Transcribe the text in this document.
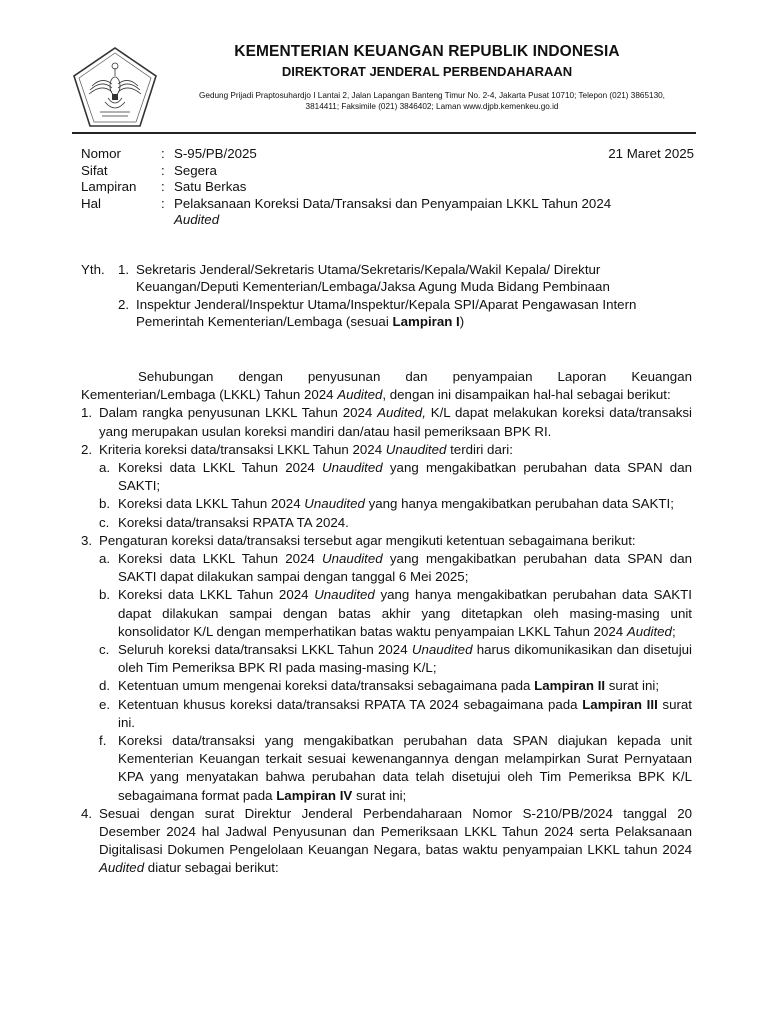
KEMENTERIAN KEUANGAN REPUBLIK INDONESIA
DIREKTORAT JENDERAL PERBENDAHARAAN
Gedung Prijadi Praptosuhardjo I Lantai 2, Jalan Lapangan Banteng Timur No. 2-4, Jakarta Pusat 10710; Telepon (021) 3865130,
3814411; Faksimile (021) 3846402; Laman www.djpb.kemenkeu.go.id
Nomor	: S-95/PB/2025
Sifat	: Segera
Lampiran	: Satu Berkas
Hal	: Pelaksanaan Koreksi Data/Transaksi dan Penyampaian LKKL Tahun 2024
Audited
21 Maret 2025
Yth. 1. Sekretaris Jenderal/Sekretaris Utama/Sekretaris/Kepala/Wakil Kepala/ Direktur Keuangan/Deputi Kementerian/Lembaga/Jaksa Agung Muda Bidang Pembinaan
2. Inspektur Jenderal/Inspektur Utama/Inspektur/Kepala SPI/Aparat Pengawasan Intern Pemerintah Kementerian/Lembaga (sesuai Lampiran I)

Sehubungan dengan penyusunan dan penyampaian Laporan Keuangan Kementerian/Lembaga (LKKL) Tahun 2024 Audited, dengan ini disampaikan hal-hal sebagai berikut:

1. Dalam rangka penyusunan LKKL Tahun 2024 Audited, K/L dapat melakukan koreksi data/transaksi yang merupakan usulan koreksi mandiri dan/atau hasil pemeriksaan BPK RI.

2. Kriteria koreksi data/transaksi LKKL Tahun 2024 Unaudited terdiri dari:

a. Koreksi data LKKL Tahun 2024 Unaudited yang mengakibatkan perubahan data SPAN dan SAKTI;

b. Koreksi data LKKL Tahun 2024 Unaudited yang hanya mengakibatkan perubahan data SAKTI;

c. Koreksi data/transaksi RPATA TA 2024.

3. Pengaturan koreksi data/transaksi tersebut agar mengikuti ketentuan sebagaimana berikut:

a. Koreksi data LKKL Tahun 2024 Unaudited yang mengakibatkan perubahan data SPAN dan SAKTI dapat dilakukan sampai dengan tanggal 6 Mei 2025;

b. Koreksi data LKKL Tahun 2024 Unaudited yang hanya mengakibatkan perubahan data SAKTI dapat dilakukan sampai dengan batas akhir yang ditetapkan oleh masing-masing unit konsolidator K/L dengan memperhatikan batas waktu penyampaian LKKL Tahun 2024 Audited;

c. Seluruh koreksi data/transaksi LKKL Tahun 2024 Unaudited harus dikomunikasikan dan disetujui oleh Tim Pemeriksa BPK RI pada masing-masing K/L;

d. Ketentuan umum mengenai koreksi data/transaksi sebagaimana pada Lampiran II surat ini;

e. Ketentuan khusus koreksi data/transaksi RPATA TA 2024 sebagaimana pada Lampiran III surat ini.

f. Koreksi data/transaksi yang mengakibatkan perubahan data SPAN diajukan kepada unit Kementerian Keuangan terkait sesuai kewenangannya dengan melampirkan Surat Pernyataan KPA yang menyatakan bahwa perubahan data telah disetujui oleh Tim Pemeriksa BPK K/L sebagaimana format pada Lampiran IV surat ini;

4. Sesuai dengan surat Direktur Jenderal Perbendaharaan Nomor S-210/PB/2024 tanggal 20 Desember 2024 hal Jadwal Penyusunan dan Pemeriksaan LKKL Tahun 2024 serta Pelaksanaan Digitalisasi Dokumen Pengelolaan Keuangan Negara, batas waktu penyampaian LKKL tahun 2024 Audited diatur sebagai berikut:
